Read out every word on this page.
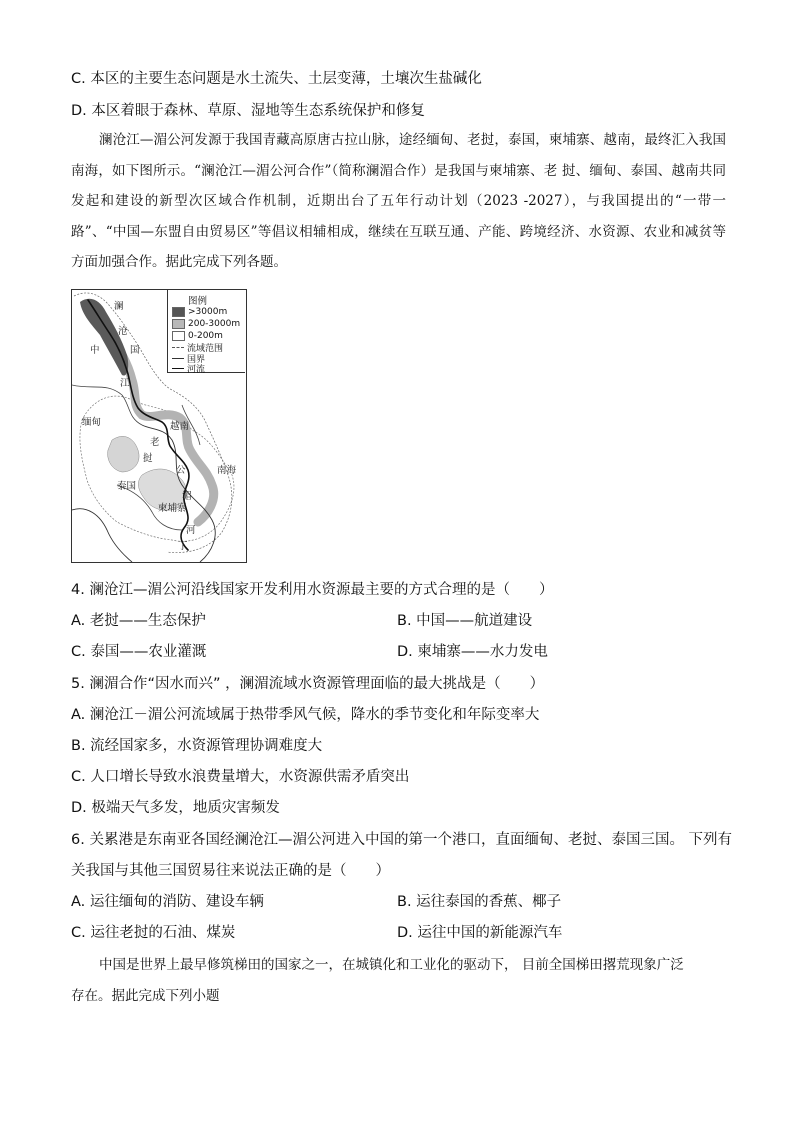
C. 本区的主要生态问题是水土流失、土层变薄，土壤次生盐碱化
D. 本区着眼于森林、草原、湿地等生态系统保护和修复
澜沧江—湄公河发源于我国青藏高原唐古拉山脉，途经缅甸、老挝，泰国，柬埔寨、越南，最终汇入我国南海，如下图所示。“澜沧江—湄公河合作”（简称澜湄合作）是我国与柬埔寨、老 挝、缅甸、泰国、越南共同发起和建设的新型次区域合作机制，近期出台了五年行动计划（2023 -2027），与我国提出的“一带一路”、“中国—东盟自由贸易区”等倡议相辅相成，继续在互联互通、产能、跨境经济、水资源、农业和减贫等方面加强合作。据此完成下列各题。
图例
>3000m
200-3000m
0-200m
流域范围
国界
河流
澜
沧
中	国
江
缅甸	越南
老
挝
公	南海
泰国
柬埔寨
湄
河
丁
4. 澜沧江—湄公河沿线国家开发利用水资源最主要的方式合理的是（　　）
A. 老挝——生态保护	B. 中国——航道建设
C. 泰国——农业灌溉	D. 柬埔寨——水力发电
5. 澜湄合作“因水而兴” ，澜湄流域水资源管理面临的最大挑战是（　　）
A. 澜沧江－湄公河流域属于热带季风气候，降水的季节变化和年际变率大
B. 流经国家多，水资源管理协调难度大
C. 人口增长导致水浪费量增大，水资源供需矛盾突出
D. 极端天气多发，地质灾害频发
6. 关累港是东南亚各国经澜沧江—湄公河进入中国的第一个港口，直面缅甸、老挝、泰国三国。 下列有
关我国与其他三国贸易往来说法正确的是（　　）
A. 运往缅甸的消防、建设车辆	B. 运往泰国的香蕉、椰子
C. 运往老挝的石油、煤炭	D. 运往中国的新能源汽车
中国是世界上最早修筑梯田的国家之一，在城镇化和工业化的驱动下， 目前全国梯田撂荒现象广泛
存在。据此完成下列小题
